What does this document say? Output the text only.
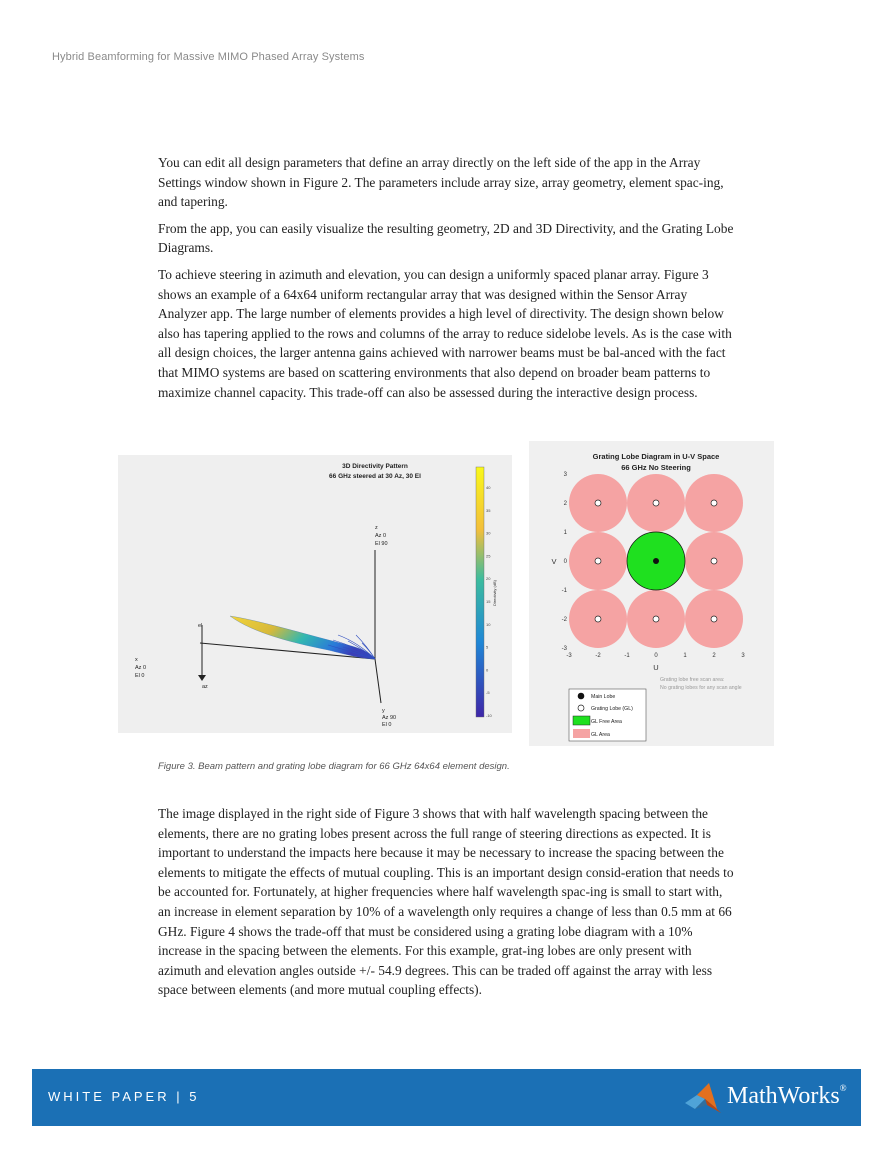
Hybrid Beamforming for Massive MIMO Phased Array Systems

You can edit all design parameters that define an array directly on the left side of the app in the Array Settings window shown in Figure 2. The parameters include array size, array geometry, element spac-ing, and tapering.

From the app, you can easily visualize the resulting geometry, 2D and 3D Directivity, and the Grating Lobe Diagrams.

To achieve steering in azimuth and elevation, you can design a uniformly spaced planar array. Figure 3 shows an example of a 64x64 uniform rectangular array that was designed within the Sensor Array Analyzer app. The large number of elements provides a high level of directivity. The design shown below also has tapering applied to the rows and columns of the array to reduce sidelobe levels. As is the case with all design choices, the larger antenna gains achieved with narrower beams must be bal-anced with the fact that MIMO systems are based on scattering environments that also depend on broader beam patterns to maximize channel capacity. This trade-off can also be assessed during the interactive design process.

3D Directivity Pattern
66 GHz steered at 30 Az, 30 El
z
Az 0
El 90
x
Az 0
El 0
y
Az 90
El 0
el
az
Directivity (dB)
40
35
30
25
20
15
10
5
0
-5
-10
Grating Lobe Diagram in U-V Space
66 GHz No Steering
-3	-2	-1	0	1	2	3
3
2
1
0
-1
-2
-3
U
V
Grating lobe free scan area:
No grating lobes for any scan angle
Main Lobe
Grating Lobe (GL)
GL Free Area
GL Area
Figure 3. Beam pattern and grating lobe diagram for 66 GHz 64x64 element design.

The image displayed in the right side of Figure 3 shows that with half wavelength spacing between the elements, there are no grating lobes present across the full range of steering directions as expected. It is important to understand the impacts here because it may be necessary to increase the spacing between the elements to mitigate the effects of mutual coupling. This is an important design consid-eration that needs to be accounted for. Fortunately, at higher frequencies where half wavelength spac-ing is small to start with, an increase in element separation by 10% of a wavelength only requires a change of less than 0.5 mm at 66 GHz. Figure 4 shows the trade-off that must be considered using a grating lobe diagram with a 10% increase in the spacing between the elements. For this example, grat-ing lobes are only present with azimuth and elevation angles outside +/- 54.9 degrees. This can be traded off against the array with less space between elements (and more mutual coupling effects).

WHITE PAPER | 5	MathWorks®
